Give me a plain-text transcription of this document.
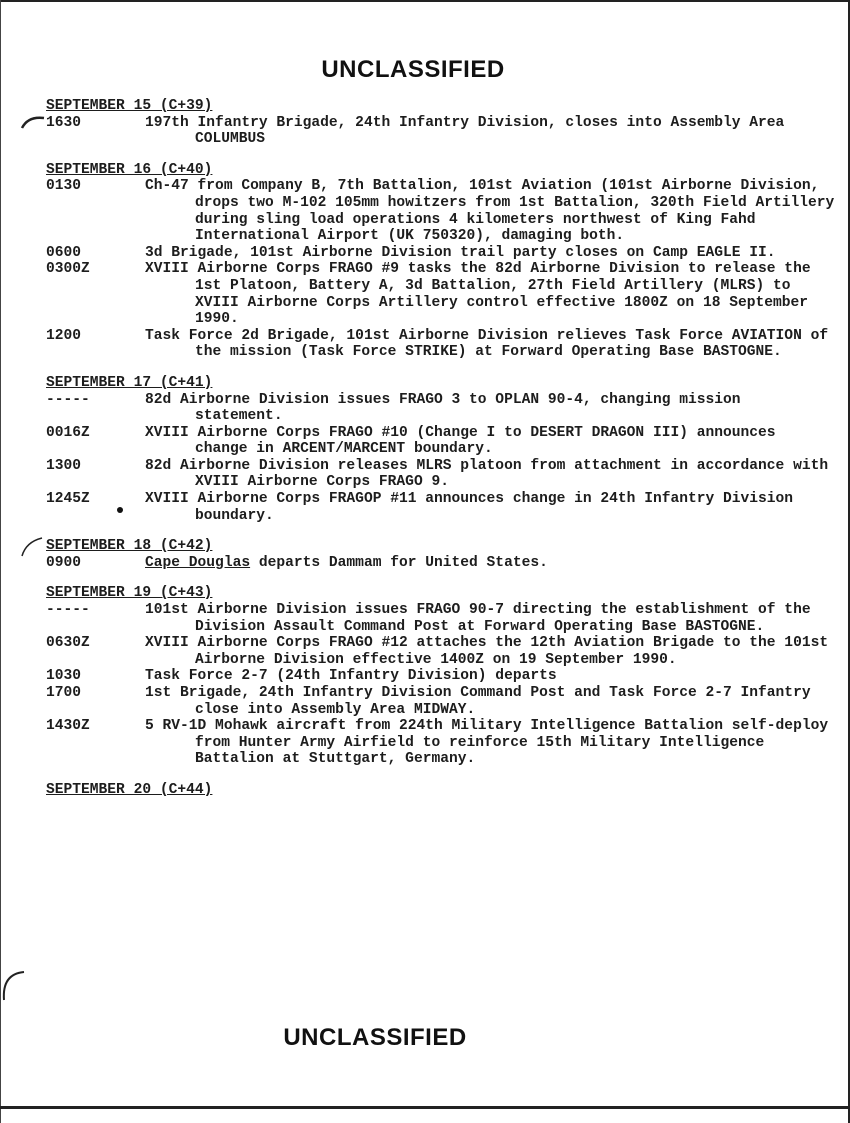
UNCLASSIFIED
SEPTEMBER 15 (C+39)
1630	197th Infantry Brigade, 24th Infantry Division, closes into Assembly Area COLUMBUS
SEPTEMBER 16 (C+40)
0130	Ch-47 from Company B, 7th Battalion, 101st Aviation (101st Airborne Division, drops two M-102 105mm howitzers from 1st Battalion, 320th Field Artillery during sling load operations 4 kilometers northwest of King Fahd International Airport (UK 750320), damaging both.
0600	3d Brigade, 101st Airborne Division trail party closes on Camp EAGLE II.
0300Z	XVIII Airborne Corps FRAGO #9 tasks the 82d Airborne Division to release the 1st Platoon, Battery A, 3d Battalion, 27th Field Artillery (MLRS) to XVIII Airborne Corps Artillery control effective 1800Z on 18 September 1990.
1200	Task Force 2d Brigade, 101st Airborne Division relieves Task Force AVIATION of the mission (Task Force STRIKE) at Forward Operating Base BASTOGNE.
SEPTEMBER 17 (C+41)
-----	82d Airborne Division issues FRAGO 3 to OPLAN 90-4, changing mission statement.
0016Z	XVIII Airborne Corps FRAGO #10 (Change I to DESERT DRAGON III) announces change in ARCENT/MARCENT boundary.
1300	82d Airborne Division releases MLRS platoon from attachment in accordance with XVIII Airborne Corps FRAGO 9.
1245Z	XVIII Airborne Corps FRAGOP #11 announces change in 24th Infantry Division boundary.
SEPTEMBER 18 (C+42)
0900	Cape Douglas departs Dammam for United States.
SEPTEMBER 19 (C+43)
-----	101st Airborne Division issues FRAGO 90-7 directing the establishment of the Division Assault Command Post at Forward Operating Base BASTOGNE.
0630Z	XVIII Airborne Corps FRAGO #12 attaches the 12th Aviation Brigade to the 101st Airborne Division effective 1400Z on 19 September 1990.
1030	Task Force 2-7 (24th Infantry Division) departs
1700	1st Brigade, 24th Infantry Division Command Post and Task Force 2-7 Infantry close into Assembly Area MIDWAY.
1430Z	5 RV-1D Mohawk aircraft from 224th Military Intelligence Battalion self-deploy from Hunter Army Airfield to reinforce 15th Military Intelligence Battalion at Stuttgart, Germany.
SEPTEMBER 20 (C+44)
UNCLASSIFIED
